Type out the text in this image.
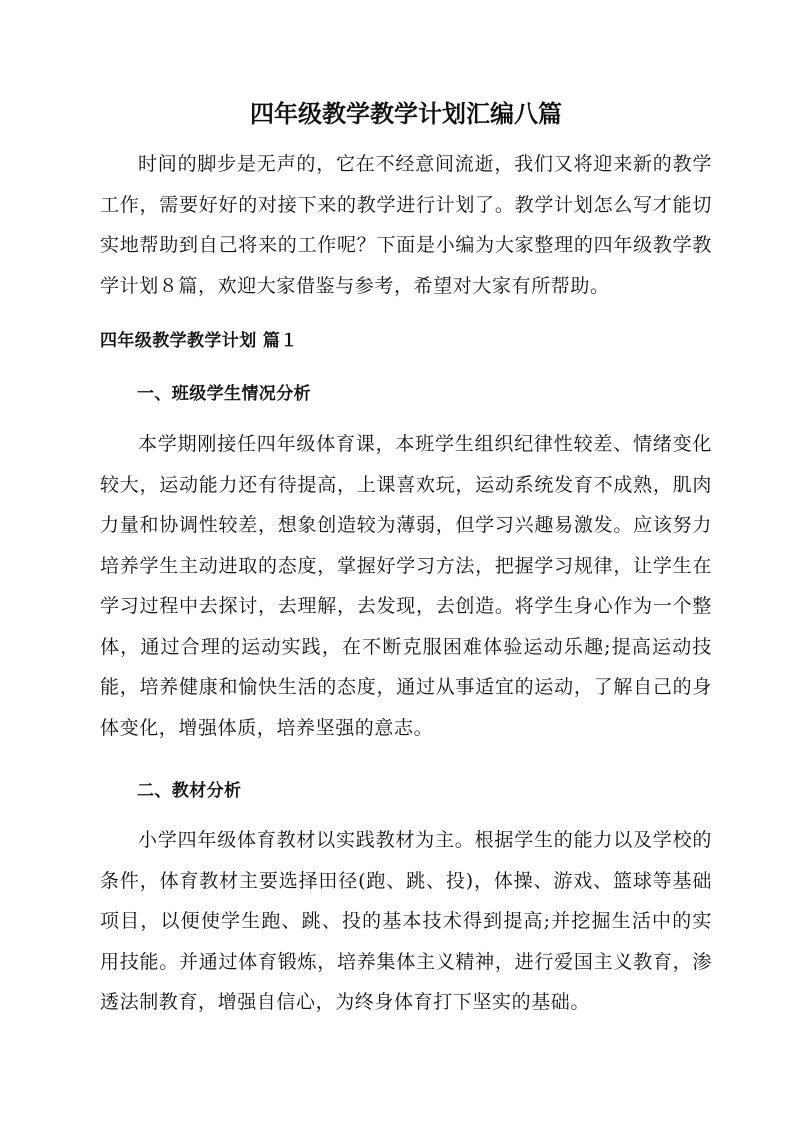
四年级教学教学计划汇编八篇

时间的脚步是无声的，它在不经意间流逝，我们又将迎来新的教学工作，需要好好的对接下来的教学进行计划了。教学计划怎么写才能切实地帮助到自己将来的工作呢？下面是小编为大家整理的四年级教学教学计划８篇，欢迎大家借鉴与参考，希望对大家有所帮助。

四年级教学教学计划 篇１
一、班级学生情况分析

本学期刚接任四年级体育课，本班学生组织纪律性较差、情绪变化较大，运动能力还有待提高，上课喜欢玩，运动系统发育不成熟，肌肉力量和协调性较差，想象创造较为薄弱，但学习兴趣易激发。应该努力培养学生主动进取的态度，掌握好学习方法，把握学习规律，让学生在学习过程中去探讨，去理解，去发现，去创造。将学生身心作为一个整体，通过合理的运动实践，在不断克服困难体验运动乐趣;提高运动技能，培养健康和愉快生活的态度，通过从事适宜的运动，了解自己的身体变化，增强体质，培养坚强的意志。

二、教材分析

小学四年级体育教材以实践教材为主。根据学生的能力以及学校的条件，体育教材主要选择田径(跑、跳、投)，体操、游戏、篮球等基础项目，以便使学生跑、跳、投的基本技术得到提高;并挖掘生活中的实用技能。并通过体育锻炼，培养集体主义精神，进行爱国主义教育，渗透法制教育，增强自信心，为终身体育打下坚实的基础。
